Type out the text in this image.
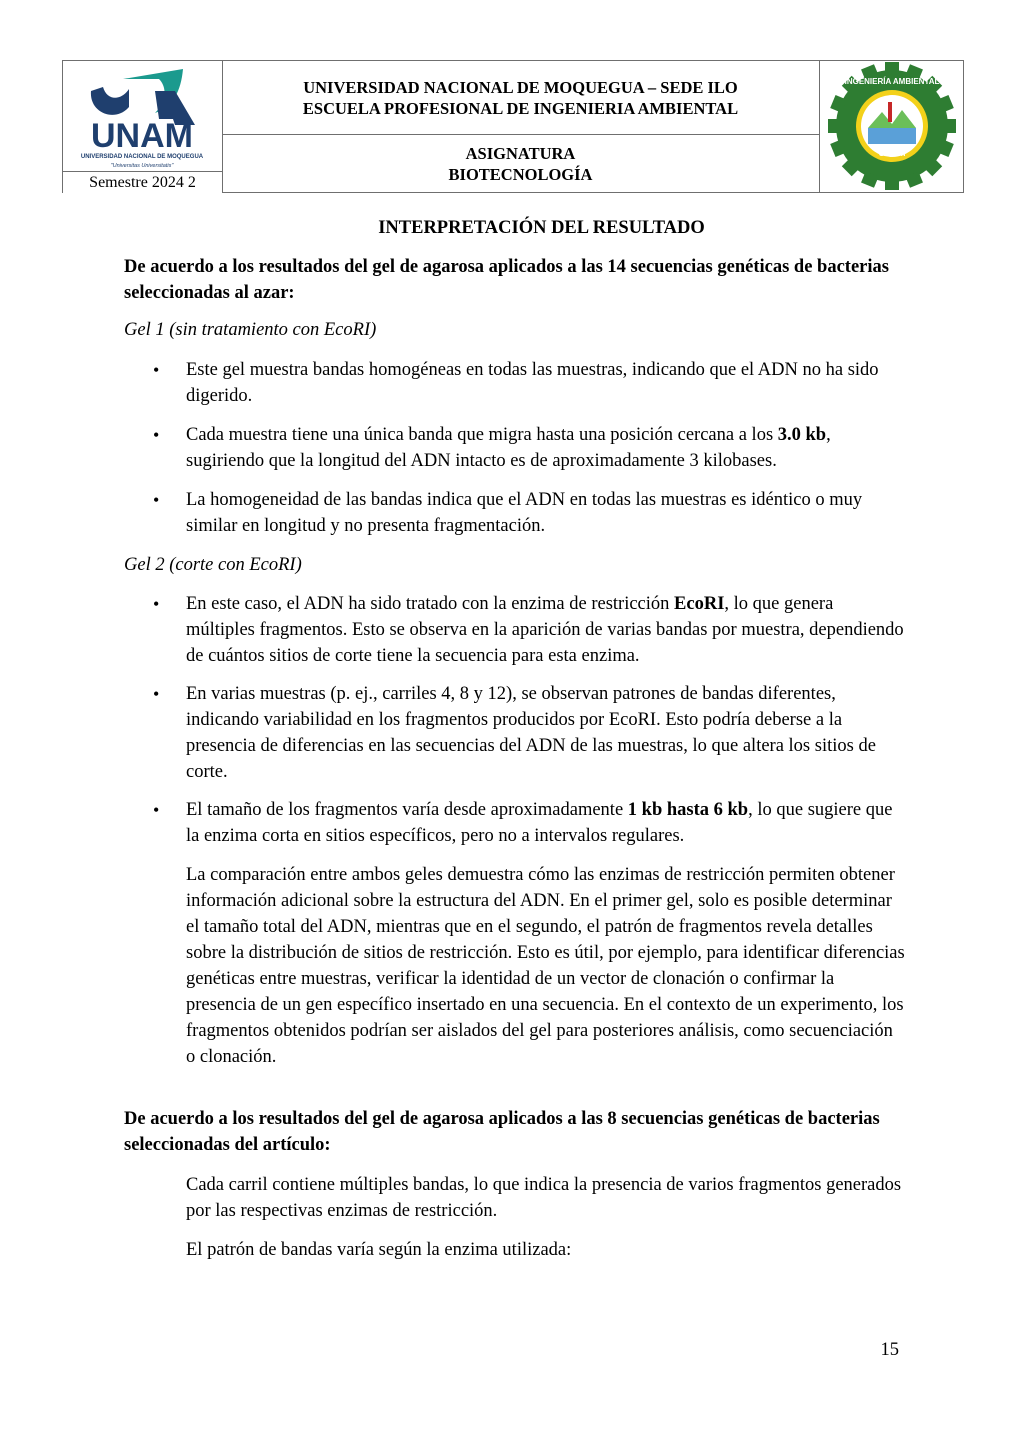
UNAM
UNIVERSIDAD NACIONAL DE MOQUEGUA
"Universitas Universitatis"
Semestre 2024 2
UNIVERSIDAD NACIONAL DE MOQUEGUA – SEDE ILO
ESCUELA PROFESIONAL DE INGENIERIA AMBIENTAL
ASIGNATURA
BIOTECNOLOGÍA
UNAM
INGENIERÍA AMBIENTAL
INTERPRETACIÓN DEL RESULTADO
De acuerdo a los resultados del gel de agarosa aplicados a las 14 secuencias genéticas de bacterias seleccionadas al azar:
Gel 1 (sin tratamiento con EcoRI)
• Este gel muestra bandas homogéneas en todas las muestras, indicando que el ADN no ha sido digerido.
• Cada muestra tiene una única banda que migra hasta una posición cercana a los 3.0 kb, sugiriendo que la longitud del ADN intacto es de aproximadamente 3 kilobases.
• La homogeneidad de las bandas indica que el ADN en todas las muestras es idéntico o muy similar en longitud y no presenta fragmentación.
Gel 2 (corte con EcoRI)
• En este caso, el ADN ha sido tratado con la enzima de restricción EcoRI, lo que genera múltiples fragmentos. Esto se observa en la aparición de varias bandas por muestra, dependiendo de cuántos sitios de corte tiene la secuencia para esta enzima.
• En varias muestras (p. ej., carriles 4, 8 y 12), se observan patrones de bandas diferentes, indicando variabilidad en los fragmentos producidos por EcoRI. Esto podría deberse a la presencia de diferencias en las secuencias del ADN de las muestras, lo que altera los sitios de corte.
• El tamaño de los fragmentos varía desde aproximadamente 1 kb hasta 6 kb, lo que sugiere que la enzima corta en sitios específicos, pero no a intervalos regulares.
La comparación entre ambos geles demuestra cómo las enzimas de restricción permiten obtener información adicional sobre la estructura del ADN. En el primer gel, solo es posible determinar el tamaño total del ADN, mientras que en el segundo, el patrón de fragmentos revela detalles sobre la distribución de sitios de restricción. Esto es útil, por ejemplo, para identificar diferencias genéticas entre muestras, verificar la identidad de un vector de clonación o confirmar la presencia de un gen específico insertado en una secuencia. En el contexto de un experimento, los fragmentos obtenidos podrían ser aislados del gel para posteriores análisis, como secuenciación o clonación.
De acuerdo a los resultados del gel de agarosa aplicados a las 8 secuencias genéticas de bacterias seleccionadas del artículo:
Cada carril contiene múltiples bandas, lo que indica la presencia de varios fragmentos generados por las respectivas enzimas de restricción.
El patrón de bandas varía según la enzima utilizada:
15
